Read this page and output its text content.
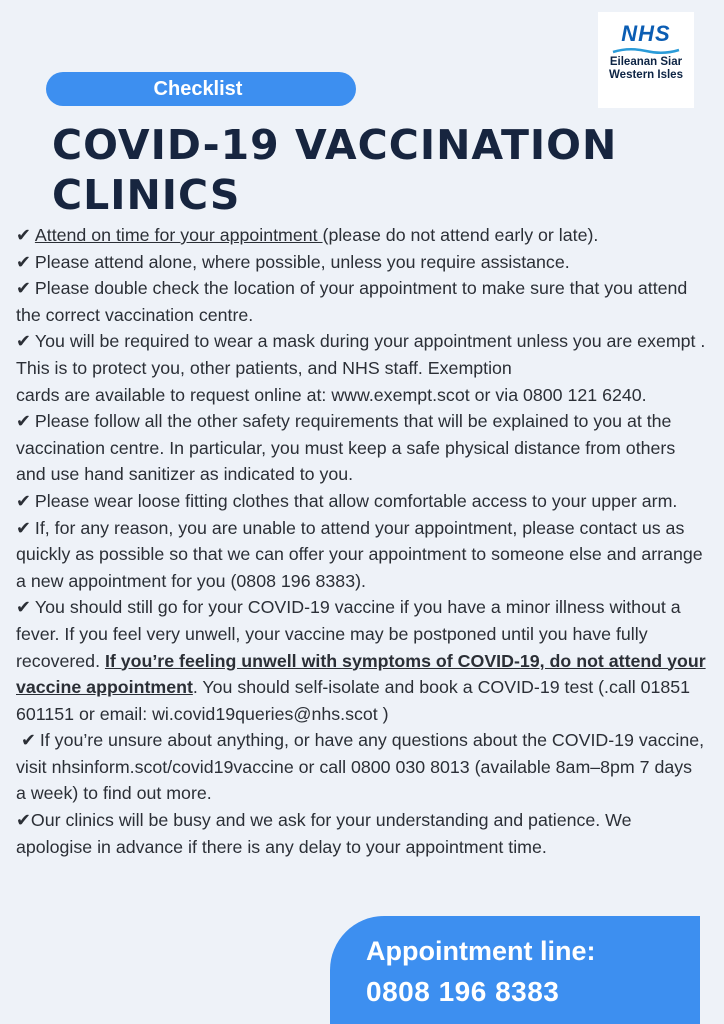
Checklist
NHS
Eileanan Siar
Western Isles
COVID-19 VACCINATION CLINICS
✔ Attend on time for your appointment (please do not attend early or late).
✔ Please attend alone, where possible, unless you require assistance.
✔ Please double check the location of your appointment to make sure that you attend the correct vaccination centre.
✔ You will be required to wear a mask during your appointment unless you are exempt . This is to protect you, other patients, and NHS staff. Exemption
cards are available to request online at: www.exempt.scot or via 0800 121 6240.
✔ Please follow all the other safety requirements that will be explained to you at the vaccination centre. In particular, you must keep a safe physical distance from others and use hand sanitizer as indicated to you.
✔ Please wear loose fitting clothes that allow comfortable access to your upper arm.
✔ If, for any reason, you are unable to attend your appointment, please contact us as quickly as possible so that we can offer your appointment to someone else and arrange a new appointment for you (0808 196 8383).
✔ You should still go for your COVID-19 vaccine if you have a minor illness without a fever. If you feel very unwell, your vaccine may be postponed until you have fully recovered. If you’re feeling unwell with symptoms of COVID-19, do not attend your vaccine appointment. You should self-isolate and book a COVID-19 test (.call 01851 601151 or email: wi.covid19queries@nhs.scot )
✔ If you’re unsure about anything, or have any questions about the COVID-19 vaccine, visit nhsinform.scot/covid19vaccine or call 0800 030 8013 (available 8am–8pm 7 days a week) to find out more.
✔Our clinics will be busy and we ask for your understanding and patience. We apologise in advance if there is any delay to your appointment time.
Appointment line:
0808 196 8383
